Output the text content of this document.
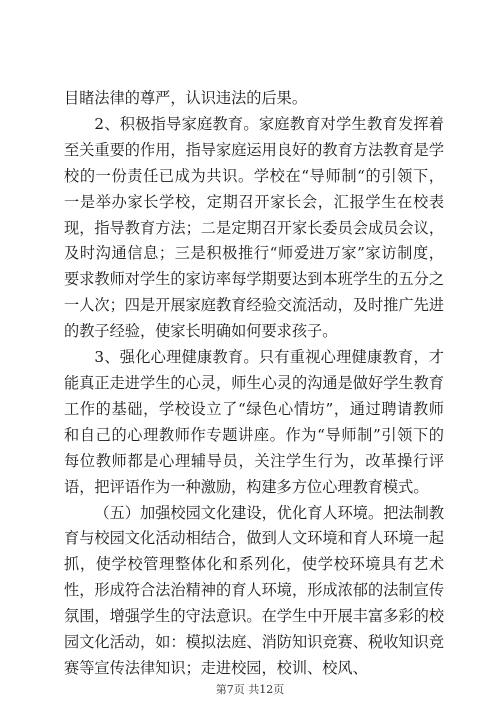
目睹法律的尊严，认识违法的后果。

2、积极指导家庭教育。家庭教育对学生教育发挥着至关重要的作用，指导家庭运用良好的教育方法教育是学校的一份责任已成为共识。学校在“导师制“的引领下，一是举办家长学校，定期召开家长会，汇报学生在校表现，指导教育方法；二是定期召开家长委员会成员会议，及时沟通信息；三是积极推行“师爱进万家”家访制度，要求教师对学生的家访率每学期要达到本班学生的五分之一人次；四是开展家庭教育经验交流活动，及时推广先进的教子经验，使家长明确如何要求孩子。

3、强化心理健康教育。只有重视心理健康教育，才能真正走进学生的心灵，师生心灵的沟通是做好学生教育工作的基础，学校设立了“绿色心情坊”，通过聘请教师和自己的心理教师作专题讲座。作为“导师制”引领下的每位教师都是心理辅导员，关注学生行为，改革操行评语，把评语作为一种激励，构建多方位心理教育模式。

（五）加强校园文化建设，优化育人环境。把法制教育与校园文化活动相结合，做到人文环境和育人环境一起抓，使学校管理整体化和系列化，使学校环境具有艺术性，形成符合法治精神的育人环境，形成浓郁的法制宣传氛围，增强学生的守法意识。在学生中开展丰富多彩的校园文化活动，如：模拟法庭、消防知识竞赛、税收知识竞赛等宣传法律知识；走进校园，校训、校风、

第7页 共12页
